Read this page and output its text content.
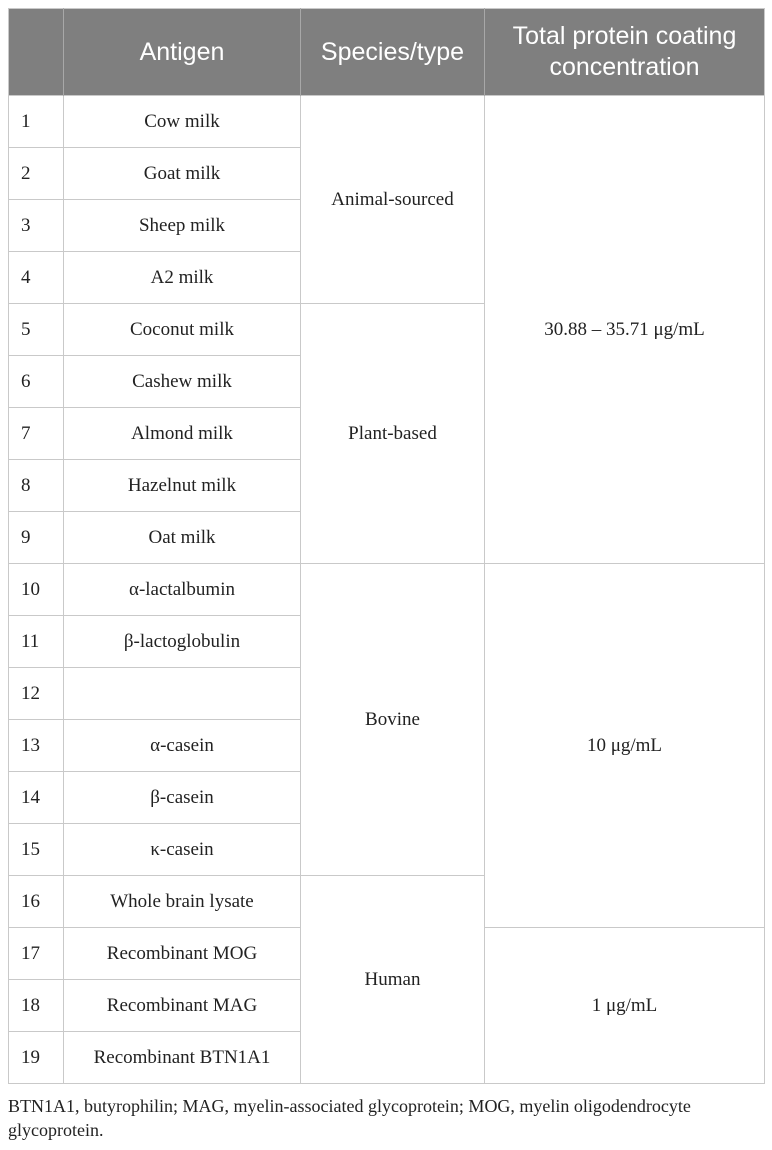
	Antigen	Species/type	Total protein coating concentration
1	Cow milk	Animal-sourced	30.88 – 35.71 μg/mL
2	Goat milk		
3	Sheep milk		
4	A2 milk		
5	Coconut milk	Plant-based	
6	Cashew milk		
7	Almond milk		
8	Hazelnut milk		
9	Oat milk		
10	α-lactalbumin	Bovine	10 μg/mL
11	β-lactoglobulin		
12			
13	α-casein		
14	β-casein		
15	κ-casein		
16	Whole brain lysate	Human	
17	Recombinant MOG		1 μg/mL
18	Recombinant MAG		
19	Recombinant BTN1A1		
BTN1A1, butyrophilin; MAG, myelin-associated glycoprotein; MOG, myelin oligodendrocyte glycoprotein.
